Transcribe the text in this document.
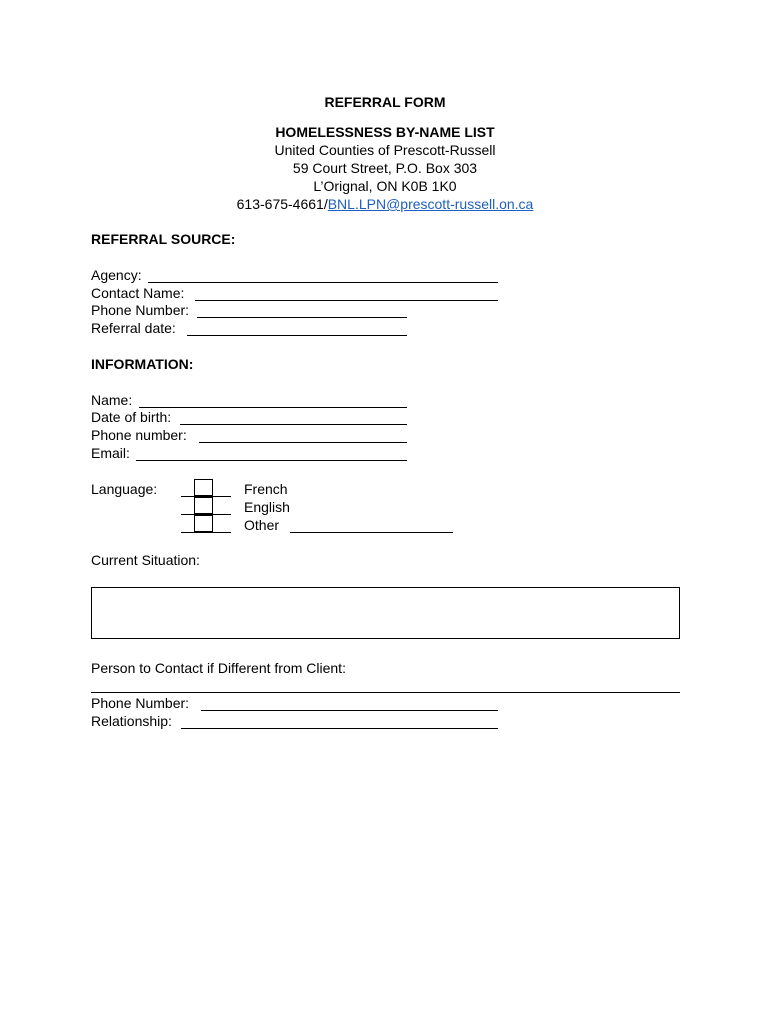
REFERRAL FORM
HOMELESSNESS BY-NAME LIST
United Counties of Prescott-Russell
59 Court Street, P.O. Box 303
L’Orignal, ON K0B 1K0
613-675-4661/BNL.LPN@prescott-russell.on.ca
REFERRAL SOURCE:
Agency:
Contact Name:
Phone Number:
Referral date:
INFORMATION:
Name:
Date of birth:
Phone number:
Email:
Language:	French
English
Other
Current Situation:
Person to Contact if Different from Client:
Phone Number:
Relationship:
